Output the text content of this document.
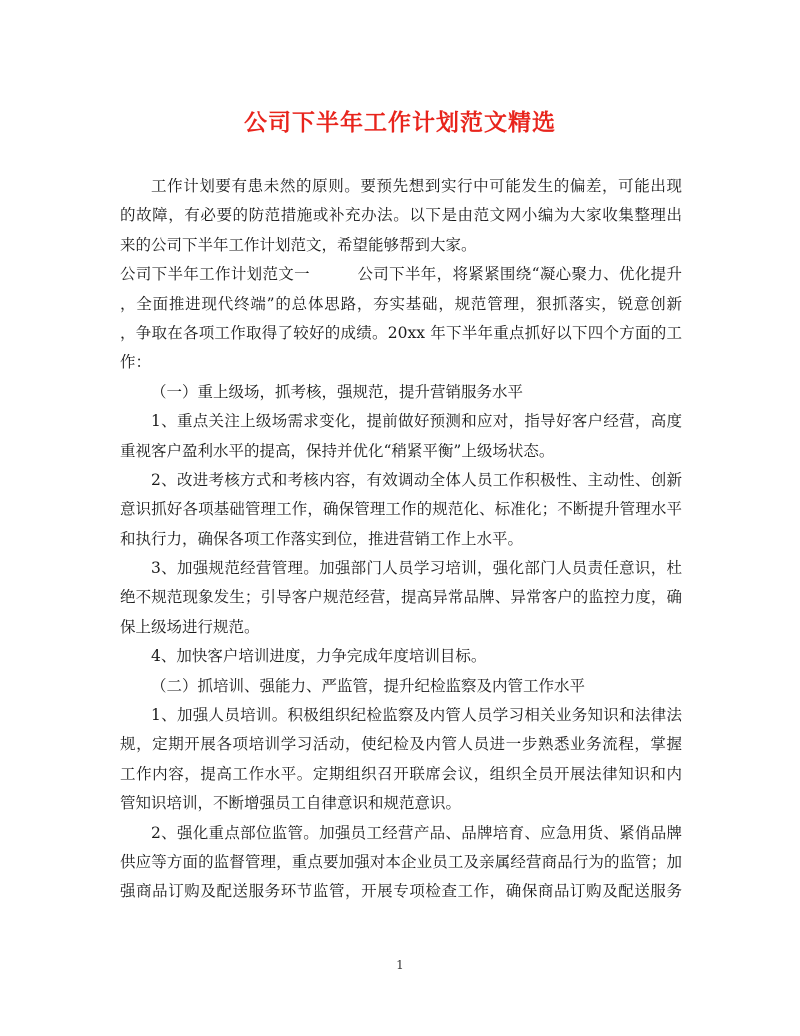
公司下半年工作计划范文精选
工作计划要有患未然的原则。要预先想到实行中可能发生的偏差，可能出现
的故障，有必要的防范措施或补充办法。以下是由范文网小编为大家收集整理出
来的公司下半年工作计划范文，希望能够帮到大家。
公司下半年工作计划范文一　　　公司下半年，将紧紧围绕“凝心聚力、优化提升
，全面推进现代终端”的总体思路，夯实基础，规范管理，狠抓落实，锐意创新
，争取在各项工作取得了较好的成绩。20xx 年下半年重点抓好以下四个方面的工
作：
（一）重上级场，抓考核，强规范，提升营销服务水平
1、重点关注上级场需求变化，提前做好预测和应对，指导好客户经营，高度
重视客户盈利水平的提高，保持并优化“稍紧平衡”上级场状态。
2、改进考核方式和考核内容，有效调动全体人员工作积极性、主动性、创新
意识抓好各项基础管理工作，确保管理工作的规范化、标准化；不断提升管理水平
和执行力，确保各项工作落实到位，推进营销工作上水平。
3、加强规范经营管理。加强部门人员学习培训，强化部门人员责任意识，杜
绝不规范现象发生；引导客户规范经营，提高异常品牌、异常客户的监控力度，确
保上级场进行规范。
4、加快客户培训进度，力争完成年度培训目标。
（二）抓培训、强能力、严监管，提升纪检监察及内管工作水平
1、加强人员培训。积极组织纪检监察及内管人员学习相关业务知识和法律法
规，定期开展各项培训学习活动，使纪检及内管人员进一步熟悉业务流程，掌握
工作内容，提高工作水平。定期组织召开联席会议，组织全员开展法律知识和内
管知识培训，不断增强员工自律意识和规范意识。
2、强化重点部位监管。加强员工经营产品、品牌培育、应急用货、紧俏品牌
供应等方面的监督管理，重点要加强对本企业员工及亲属经营商品行为的监管；加
强商品订购及配送服务环节监管，开展专项检查工作，确保商品订购及配送服务
1
